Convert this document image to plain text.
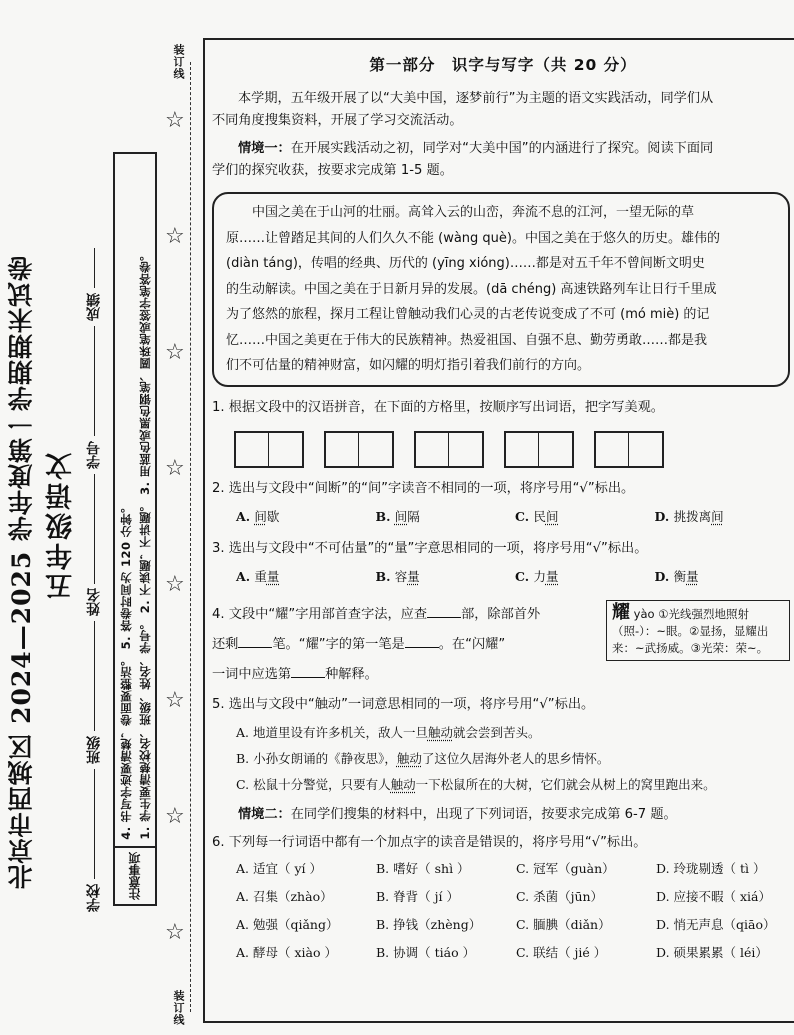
装订线
装订线
☆
☆
☆
☆
☆
☆
☆
☆
北京市西城区 2024—2025 学年度第一学期期末试卷 五年级语文
学校  班级  姓名  学号  成绩	1. 学生要清楚校名、班级、姓名、学号。 2. 不读题，不讲题。 3. 用蓝色或黑色钢笔、圆珠笔或签字笔答卷。
4. 书写字迹要清楚，卷面要整洁。 5. 答卷时间为 120 分钟。
注意事项
第一部分　识字与写字（共 20 分）

本学期，五年级开展了以“大美中国，逐梦前行”为主题的语文实践活动，同学们从

不同角度搜集资料，开展了学习交流活动。

情境一：在开展实践活动之初，同学对“大美中国”的内涵进行了探究。阅读下面同

学们的探究收获，按要求完成第 1-5 题。

中国之美在于山河的壮丽。高耸入云的山峦，奔流不息的江河，一望无际的草

原……让曾踏足其间的人们久久不能 (wàng què)。中国之美在于悠久的历史。雄伟的

(diàn táng)，传唱的经典、历代的 (yīng xióng)……都是对五千年不曾间断文明史

的生动解读。中国之美在于日新月异的发展。(dā chéng) 高速铁路列车让日行千里成

为了悠然的旅程，探月工程让曾触动我们心灵的古老传说变成了不可 (mó miè) 的记

忆……中国之美更在于伟大的民族精神。热爱祖国、自强不息、勤劳勇敢……都是我

们不可估量的精神财富，如闪耀的明灯指引着我们前行的方向。

1. 根据文段中的汉语拼音，在下面的方格里，按顺序写出词语，把字写美观。

2. 选出与文段中“间断”的“间”字读音不相同的一项，将序号用“√”标出。

A. 间歇	B. 间隔	C. 民间	D. 挑拨离间

3. 选出与文段中“不可估量”的“量”字意思相同的一项，将序号用“√”标出。

A. 重量	B. 容量	C. 力量	D. 衡量

4. 文段中“耀”字用部首查字法，应查	部，除部首外

还剩	笔。“耀”字的第一笔是	。在“闪耀”

一词中应选第	种解释。

耀 yào ①光线强烈地照射（照-）：~眼。②显扬，显耀出来：~武扬威。③光荣：荣~。

5. 选出与文段中“触动”一词意思相同的一项，将序号用“√”标出。

A. 地道里设有许多机关，敌人一旦触动就会尝到苦头。

B. 小孙女朗诵的《静夜思》，触动了这位久居海外老人的思乡情怀。

C. 松鼠十分警觉，只要有人触动一下松鼠所在的大树，它们就会从树上的窝里跑出来。

情境二：在同学们搜集的材料中，出现了下列词语，按要求完成第 6-7 题。

6. 下列每一行词语中都有一个加点字的读音是错误的，将序号用“√”标出。

A. 适宜（ yí ）	B. 嗜好（ shì ）	C. 冠军（guàn）	D. 玲珑剔透（ tì ）
A. 召集（zhào）	B. 脊背（ jí ）	C. 杀菌（jūn）	D. 应接不暇（ xiá）
A. 勉强（qiǎng）	B. 挣钱（zhèng）	C. 腼腆（diǎn）	D. 悄无声息（qiāo）
A. 酵母（ xiào ）	B. 协调（ tiáo ）	C. 联结（ jié ）	D. 硕果累累（ léi）
